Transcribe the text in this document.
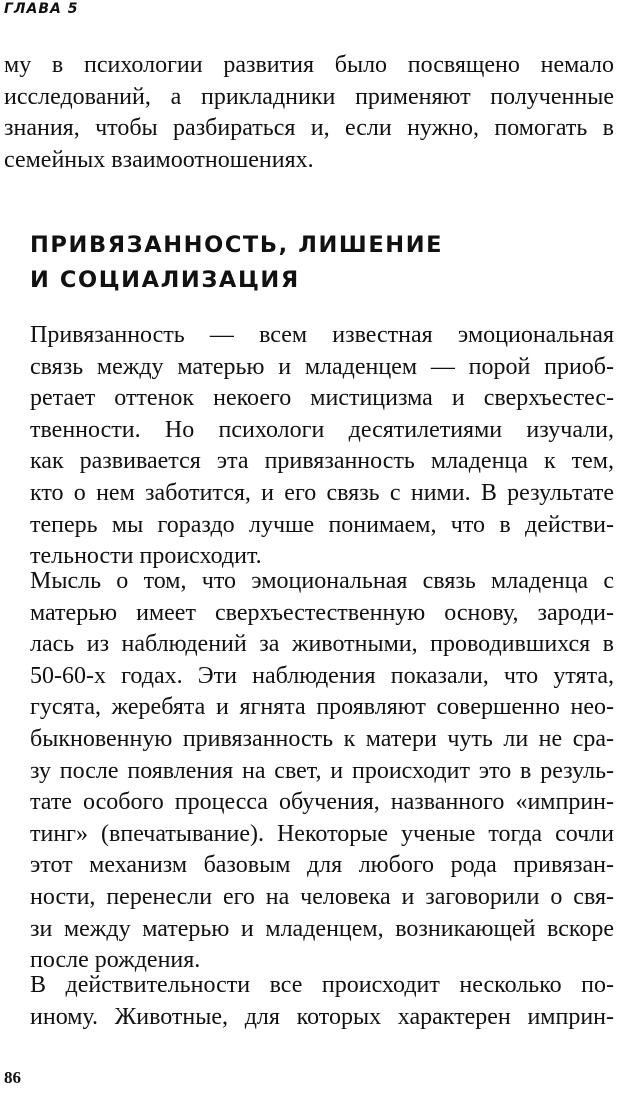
ГЛАВА 5

му в психологии развития было посвящено немало
исследований, а прикладники применяют полученные
знания, чтобы разбираться и, если нужно, помогать в
семейных взаимоотношениях.

ПРИВЯЗАННОСТЬ, ЛИШЕНИЕ
И СОЦИАЛИЗАЦИЯ

Привязанность — всем известная эмоциональная
связь между матерью и младенцем — порой приоб-
ретает оттенок некоего мистицизма и сверхъестес-
твенности. Но психологи десятилетиями изучали,
как развивается эта привязанность младенца к тем,
кто о нем заботится, и его связь с ними. В результате
теперь мы гораздо лучше понимаем, что в действи-
тельности происходит.

Мысль о том, что эмоциональная связь младенца с
матерью имеет сверхъестественную основу, зароди-
лась из наблюдений за животными, проводившихся в
50-60-х годах. Эти наблюдения показали, что утята,
гусята, жеребята и ягнята проявляют совершенно нео-
быкновенную привязанность к матери чуть ли не сра-
зу после появления на свет, и происходит это в резуль-
тате особого процесса обучения, названного «имприн-
тинг» (впечатывание). Некоторые ученые тогда сочли
этот механизм базовым для любого рода привязан-
ности, перенесли его на человека и заговорили о свя-
зи между матерью и младенцем, возникающей вскоре
после рождения.

В действительности все происходит несколько по-
иному. Животные, для которых характерен имприн-

86
